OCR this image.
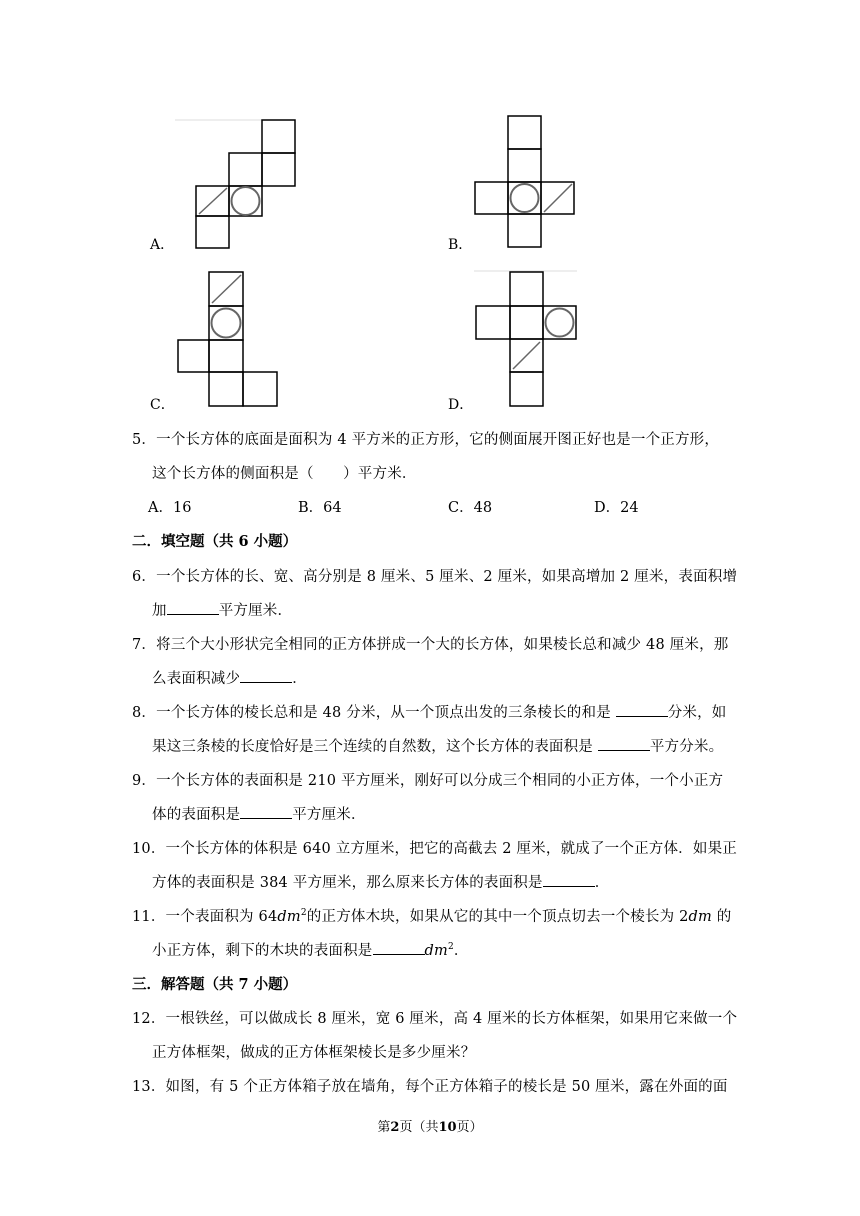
A．	B．
C．	D．
5．一个长方体的底面是面积为 4 平方米的正方形，它的侧面展开图正好也是一个正方形，
这个长方体的侧面积是（　　）平方米．
A．16	B．64	C．48	D．24
二．填空题（共 6 小题）
6．一个长方体的长、宽、高分别是 8 厘米、5 厘米、2 厘米，如果高增加 2 厘米，表面积增
加	平方厘米．
7．将三个大小形状完全相同的正方体拼成一个大的长方体，如果棱长总和减少 48 厘米，那
么表面积减少	．
8．一个长方体的棱长总和是 48 分米，从一个顶点出发的三条棱长的和是	分米，如
果这三条棱的长度恰好是三个连续的自然数，这个长方体的表面积是	平方分米。
9．一个长方体的表面积是 210 平方厘米，刚好可以分成三个相同的小正方体，一个小正方
体的表面积是	平方厘米．
10．一个长方体的体积是 640 立方厘米，把它的高截去 2 厘米，就成了一个正方体．如果正
方体的表面积是 384 平方厘米，那么原来长方体的表面积是	．
11．一个表面积为 $64dm^2$的正方体木块，如果从它的其中一个顶点切去一个棱长为 2dm 的
小正方体，剩下的木块的表面积是	$dm^2$．
三．解答题（共 7 小题）
12．一根铁丝，可以做成长 8 厘米，宽 6 厘米，高 4 厘米的长方体框架，如果用它来做一个
正方体框架，做成的正方体框架棱长是多少厘米？
13．如图，有 5 个正方体箱子放在墙角，每个正方体箱子的棱长是 50 厘米，露在外面的面
第2页（共10页）
